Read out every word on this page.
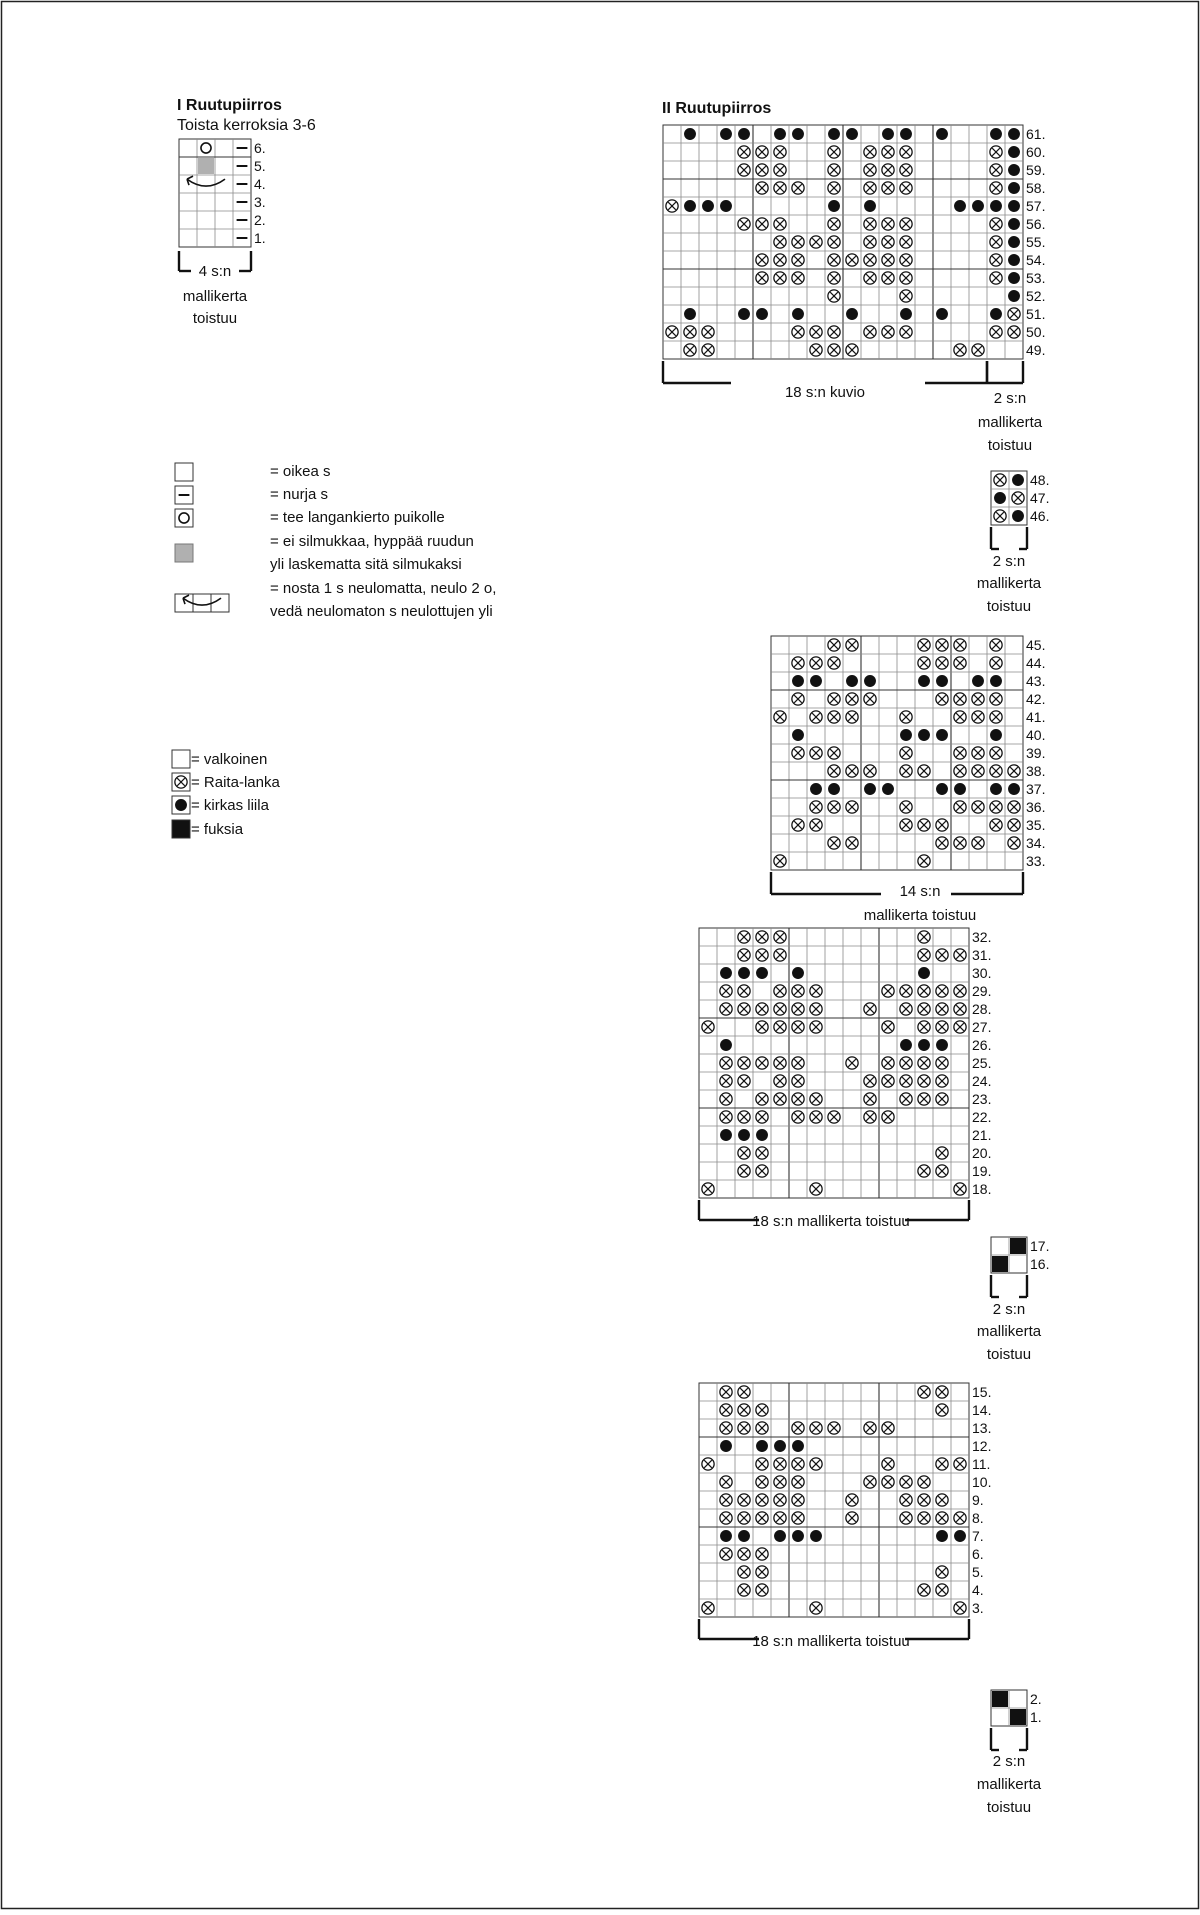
I Ruutupiirros
Toista kerroksia 3-6
4 s:n
mallikerta
toistuu
II Ruutupiirros
18 s:n kuvio	2 s:n
mallikerta
toistuu
2 s:n
mallikerta
toistuu
14 s:n
mallikerta toistuu
18 s:n mallikerta toistuu
2 s:n
mallikerta
toistuu
18 s:n mallikerta toistuu
2 s:n
mallikerta
toistuu
= oikea s
= nurja s
= tee langankierto puikolle
= ei silmukkaa, hyppää ruudun
yli laskematta sitä silmukaksi
= nosta 1 s neulomatta, neulo 2 o,
vedä neulomaton s neulottujen yli
= valkoinen
= Raita-lanka
= kirkas liila
= fuksia
6.
5.
4.
3.
2.
1.
61.
60.
59.
58.
57.
56.
55.
54.
53.
52.
51.
50.
49.
48.
47.
46.
45.
44.
43.
42.
41.
40.
39.
38.
37.
36.
35.
34.
33.
32.
31.
30.
29.
28.
27.
26.
25.
24.
23.
22.
21.
20.
19.
18.
17.
16.
15.
14.
13.
12.
11.
10.
9.
8.
7.
6.
5.
4.
3.
2.
1.
